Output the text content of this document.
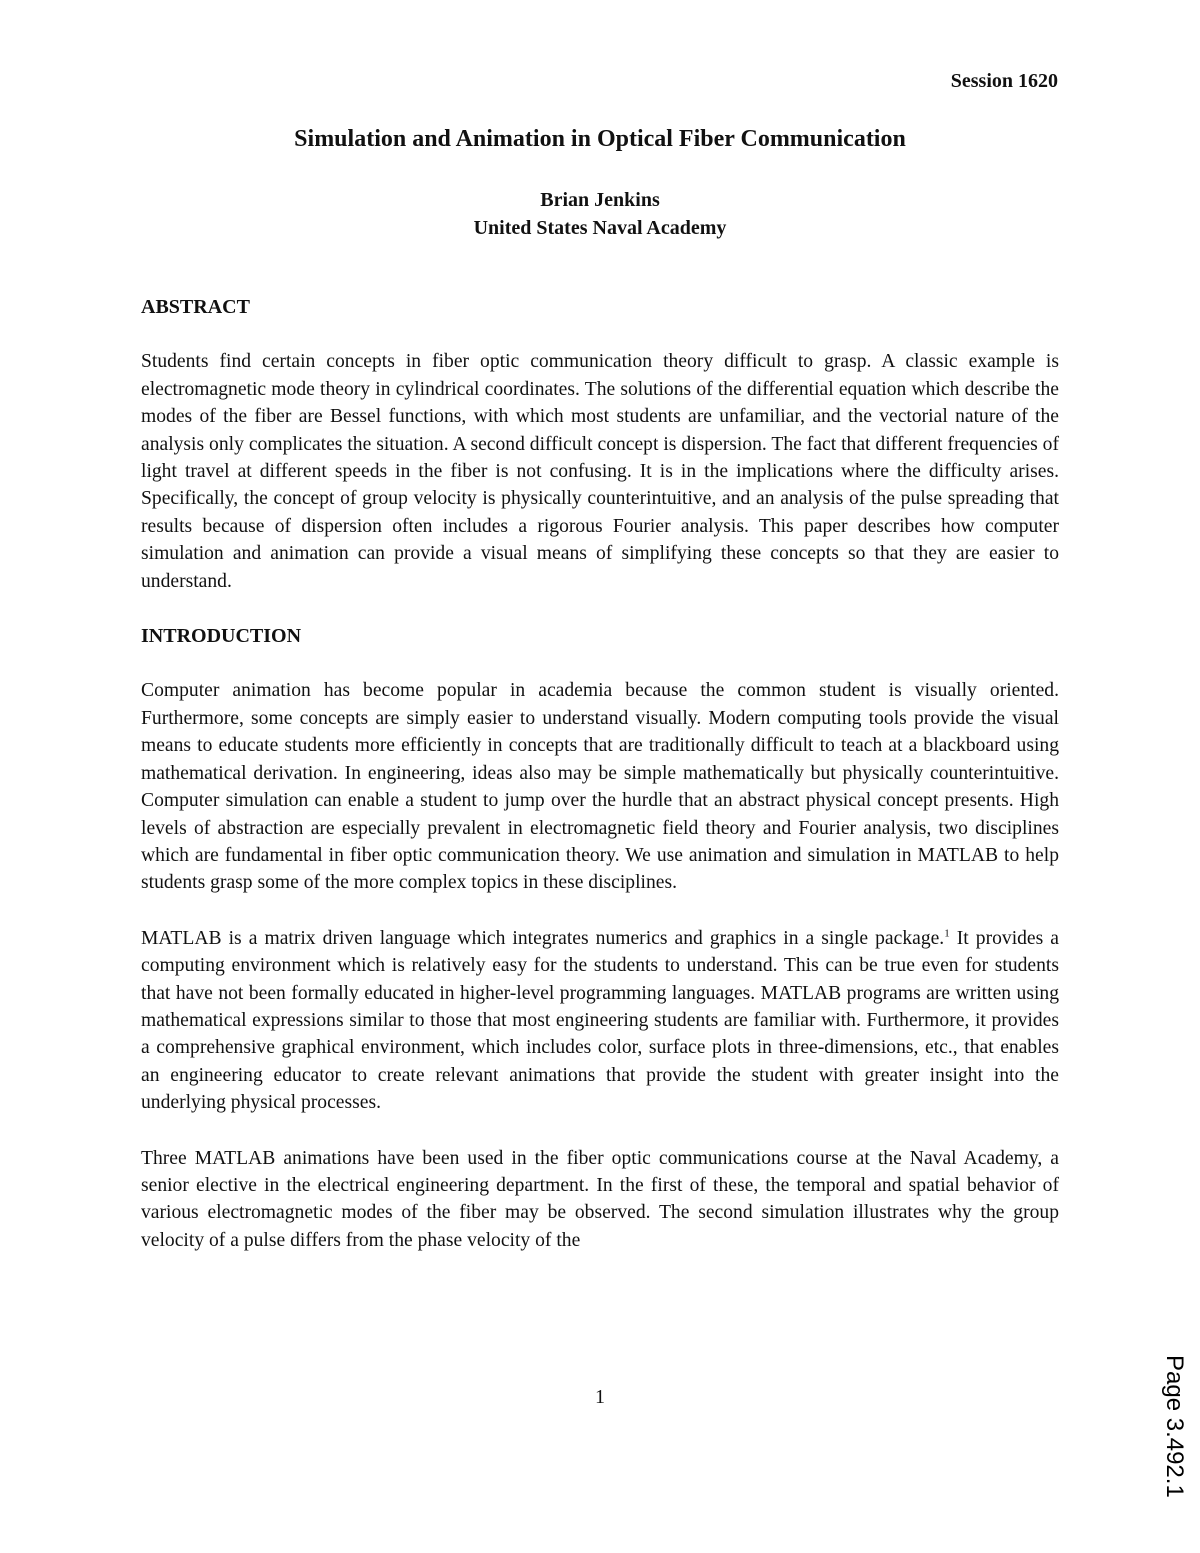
Session 1620
Simulation and Animation in Optical Fiber Communication
Brian Jenkins
United States Naval Academy

ABSTRACT

Students find certain concepts in fiber optic communication theory difficult to grasp. A classic example is electromagnetic mode theory in cylindrical coordinates. The solutions of the differential equation which describe the modes of the fiber are Bessel functions, with which most students are unfamiliar, and the vectorial nature of the analysis only complicates the situation. A second difficult concept is dispersion. The fact that different frequencies of light travel at different speeds in the fiber is not confusing. It is in the implications where the difficulty arises. Specifically, the concept of group velocity is physically counterintuitive, and an analysis of the pulse spreading that results because of dispersion often includes a rigorous Fourier analysis. This paper describes how computer simulation and animation can provide a visual means of simplifying these concepts so that they are easier to understand.

INTRODUCTION

Computer animation has become popular in academia because the common student is visually oriented. Furthermore, some concepts are simply easier to understand visually. Modern computing tools provide the visual means to educate students more efficiently in concepts that are traditionally difficult to teach at a blackboard using mathematical derivation. In engineering, ideas also may be simple mathematically but physically counterintuitive. Computer simulation can enable a student to jump over the hurdle that an abstract physical concept presents. High levels of abstraction are especially prevalent in electromagnetic field theory and Fourier analysis, two disciplines which are fundamental in fiber optic communication theory. We use animation and simulation in MATLAB to help students grasp some of the more complex topics in these disciplines.

MATLAB is a matrix driven language which integrates numerics and graphics in a single package.$^1$ It provides a computing environment which is relatively easy for the students to understand. This can be true even for students that have not been formally educated in higher-level programming languages. MATLAB programs are written using mathematical expressions similar to those that most engineering students are familiar with. Furthermore, it provides a comprehensive graphical environment, which includes color, surface plots in three-dimensions, etc., that enables an engineering educator to create relevant animations that provide the student with greater insight into the underlying physical processes.

Three MATLAB animations have been used in the fiber optic communications course at the Naval Academy, a senior elective in the electrical engineering department. In the first of these, the temporal and spatial behavior of various electromagnetic modes of the fiber may be observed. The second simulation illustrates why the group velocity of a pulse differs from the phase velocity of the

1	Page 3.492.1
